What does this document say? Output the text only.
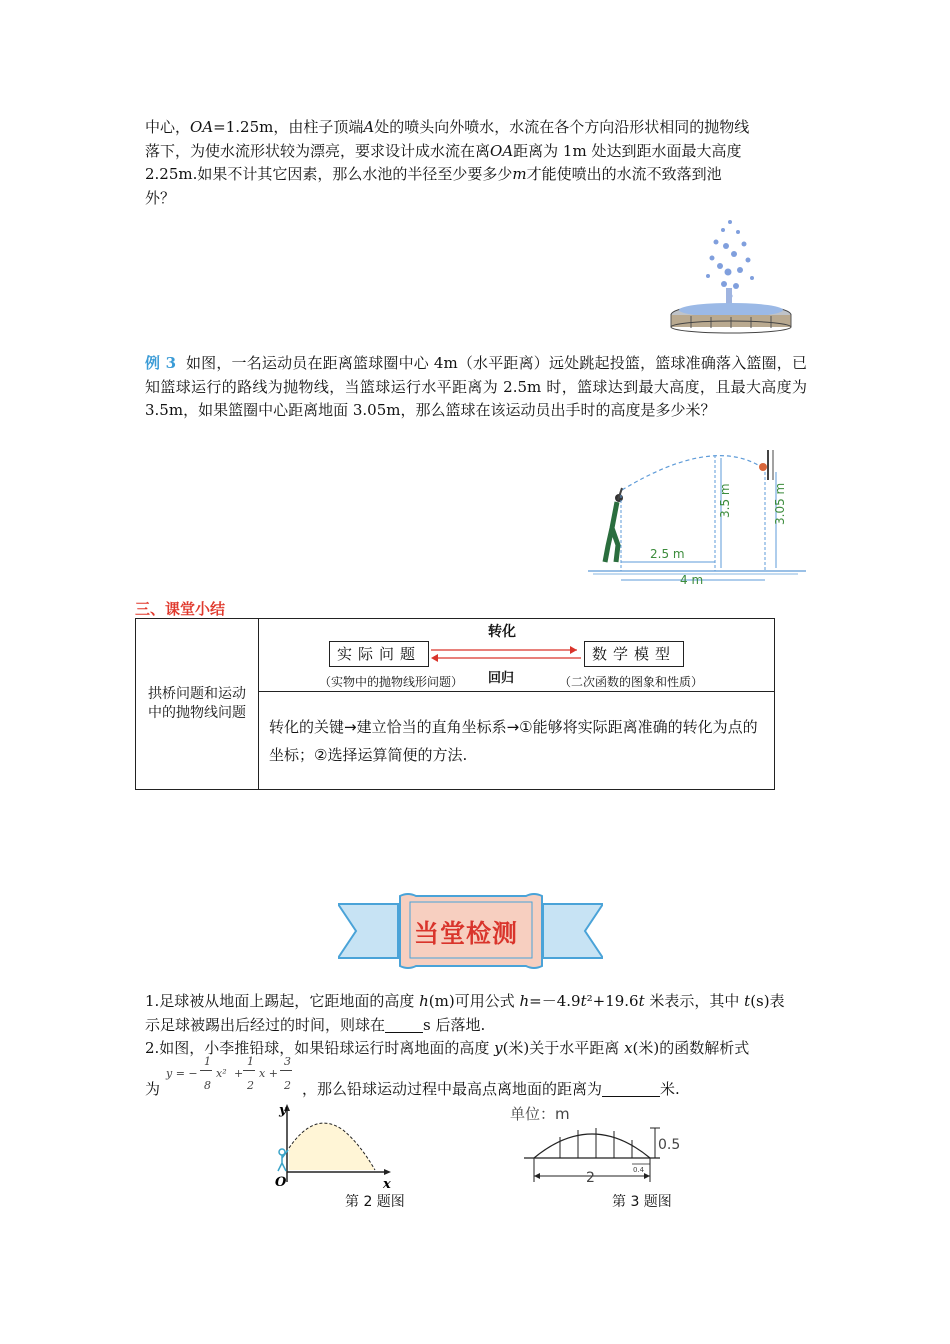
中心，OA=1.25m，由柱子顶端A处的喷头向外喷水，水流在各个方向沿形状相同的抛物线
落下，为使水流形状较为漂亮，要求设计成水流在离OA距离为 1m 处达到距水面最大高度
2.25m.如果不计其它因素，那么水池的半径至少要多少m才能使喷出的水流不致落到池
外？
例 3 如图，一名运动员在距离篮球圈中心 4m（水平距离）远处跳起投篮，篮球准确落入篮圈，已知篮球运行的路线为抛物线，当篮球运行水平距离为 2.5m 时，篮球达到最大高度，且最大高度为 3.5m，如果篮圈中心距离地面 3.05m，那么篮球在该运动员出手时的高度是多少米？
3.5 m	3.05 m
2.5 m
4 m
三、课堂小结
拱桥问题和运动中的抛物线问题

实际问题	数学模型
转化
回归
（实物中的抛物线形问题）	（二次函数的图象和性质）

转化的关键→建立恰当的直角坐标系→①能够将实际距离准确的转化为点的坐标；②选择运算简便的方法.
当堂检测
1.足球被从地面上踢起，它距地面的高度 h(m)可用公式 h=－4.9t²+19.6t 米表示，其中 t(s)表
示足球被踢出后经过的时间，则球在	s 后落地.
2.如图，小李推铅球，如果铅球运行时离地面的高度 y(米)关于水平距离 x(米)的函数解析式
为
y = −
1
8
x² +
1
2
x +
3
2 ，那么铅球运动过程中最高点离地面的距离为	米.
y
x
O
第 2 题图
单位：m
0.5
2	0.4
第 3 题图
